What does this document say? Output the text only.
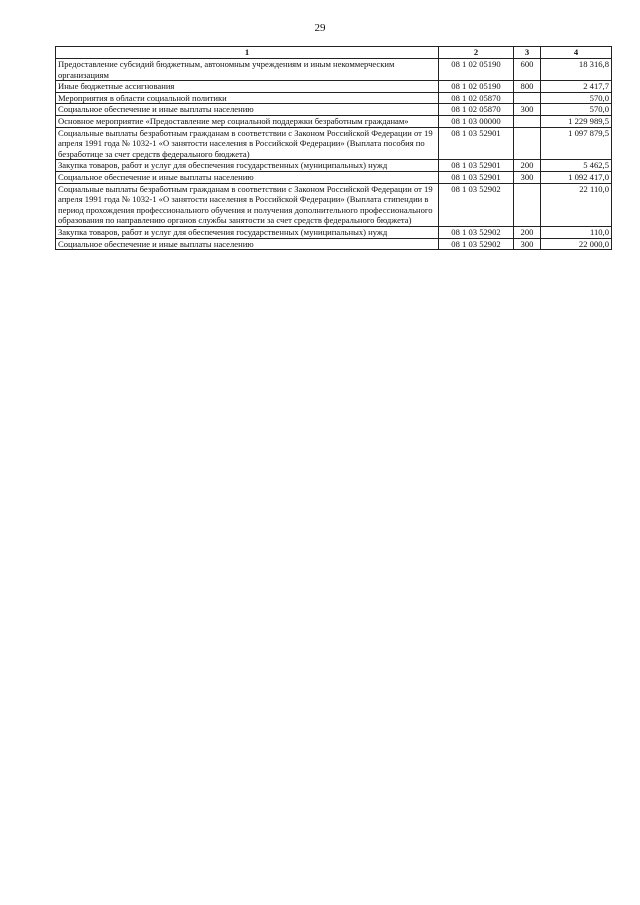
29
1	2	3	4
Предоставление субсидий бюджетным, автономным учреждениям и иным некоммерческим организациям	08 1 02 05190	600	18 316,8
Иные бюджетные ассигнования	08 1 02 05190	800	2 417,7
Мероприятия в области социальной политики	08 1 02 05870		570,0
Социальное обеспечение и иные выплаты населению	08 1 02 05870	300	570,0
Основное мероприятие «Предоставление мер социальной поддержки безработным гражданам»	08 1 03 00000		1 229 989,5
Социальные выплаты безработным гражданам в соответствии с Законом Российской Федерации от 19 апреля 1991 года № 1032-1 «О занятости населения в Российской Федерации» (Выплата пособия по безработице за счет средств федерального бюджета)	08 1 03 52901		1 097 879,5
Закупка товаров, работ и услуг для обеспечения государственных (муниципальных) нужд	08 1 03 52901	200	5 462,5
Социальное обеспечение и иные выплаты населению	08 1 03 52901	300	1 092 417,0
Социальные выплаты безработным гражданам в соответствии с Законом Российской Федерации от 19 апреля 1991 года № 1032-1 «О занятости населения в Российской Федерации» (Выплата стипендии в период прохождения профессионального обучения и получения дополнительного профессионального образования по направлению органов службы занятости за счет средств федерального бюджета)	08 1 03 52902		22 110,0
Закупка товаров, работ и услуг для обеспечения государственных (муниципальных) нужд	08 1 03 52902	200	110,0
Социальное обеспечение и иные выплаты населению	08 1 03 52902	300	22 000,0
